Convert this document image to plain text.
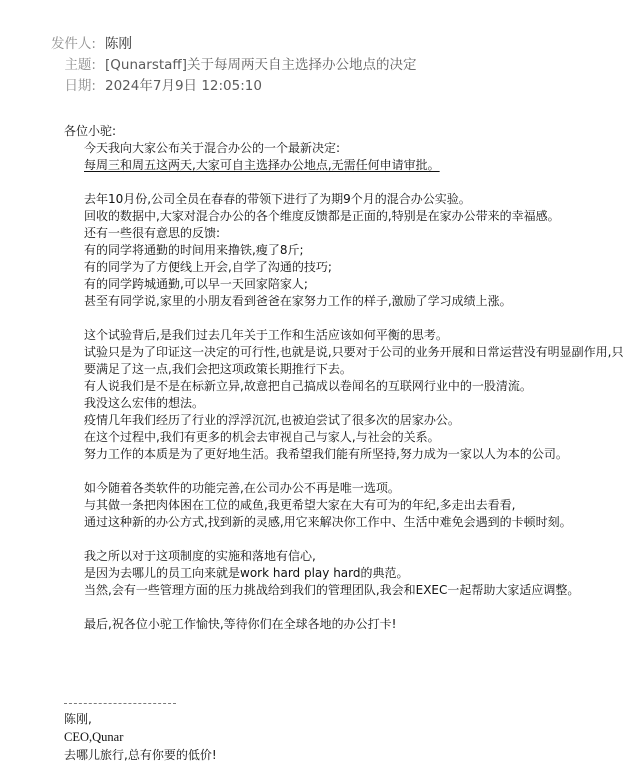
发件人: 陈刚
主题: [Qunarstaff]关于每周两天自主选择办公地点的决定
日期: 2024年7月9日 12:05:10
各位小驼:
今天我向大家公布关于混合办公的一个最新决定:
每周三和周五这两天,大家可自主选择办公地点,无需任何申请审批。
去年10月份,公司全员在春春的带领下进行了为期9个月的混合办公实验。
回收的数据中,大家对混合办公的各个维度反馈都是正面的,特别是在家办公带来的幸福感。
还有一些很有意思的反馈:
有的同学将通勤的时间用来撸铁,瘦了8斤;
有的同学为了方便线上开会,自学了沟通的技巧;
有的同学跨城通勤,可以早一天回家陪家人;
甚至有同学说,家里的小朋友看到爸爸在家努力工作的样子,激励了学习成绩上涨。
这个试验背后,是我们过去几年关于工作和生活应该如何平衡的思考。
试验只是为了印证这一决定的可行性,也就是说,只要对于公司的业务开展和日常运营没有明显副作用,只要满足了这一点,我们会把这项政策长期推行下去。
有人说我们是不是在标新立异,故意把自己搞成以卷闻名的互联网行业中的一股清流。
我没这么宏伟的想法。
疫情几年我们经历了行业的浮浮沉沉,也被迫尝试了很多次的居家办公。
在这个过程中,我们有更多的机会去审视自己与家人,与社会的关系。
努力工作的本质是为了更好地生活。我希望我们能有所坚持,努力成为一家以人为本的公司。
如今随着各类软件的功能完善,在公司办公不再是唯一选项。
与其做一条把肉体困在工位的咸鱼,我更希望大家在大有可为的年纪,多走出去看看,
通过这种新的办公方式,找到新的灵感,用它来解决你工作中、生活中难免会遇到的卡顿时刻。
我之所以对于这项制度的实施和落地有信心,
是因为去哪儿的员工向来就是work hard play hard的典范。
当然,会有一些管理方面的压力挑战给到我们的管理团队,我会和EXEC一起帮助大家适应调整。
最后,祝各位小驼工作愉快,等待你们在全球各地的办公打卡!
陈刚,
CEO,Qunar
去哪儿旅行,总有你要的低价!
